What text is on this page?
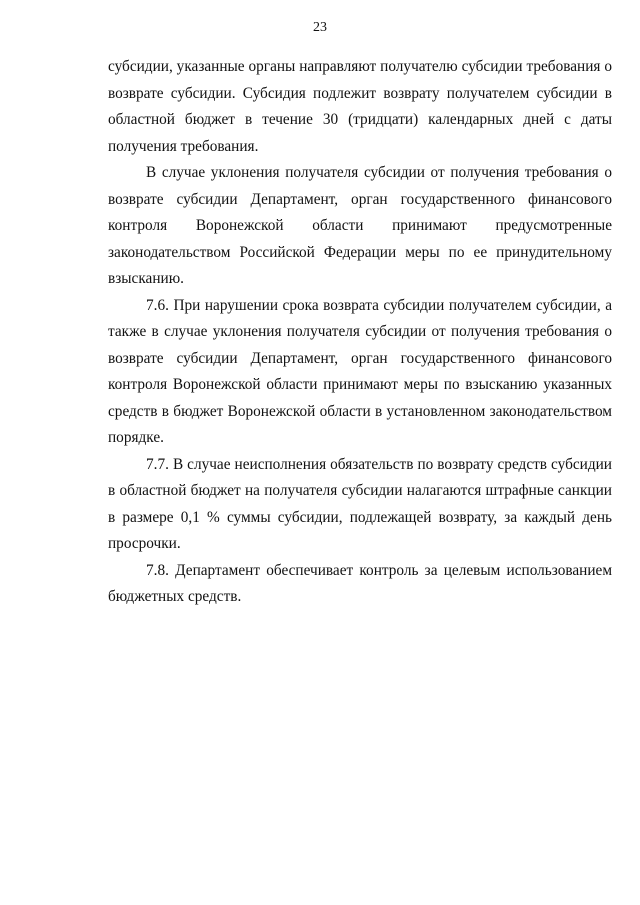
23

субсидии, указанные органы направляют получателю субсидии требования о возврате субсидии. Субсидия подлежит возврату получателем субсидии в областной бюджет в течение 30 (тридцати) календарных дней с даты получения требования.

В случае уклонения получателя субсидии от получения требования о возврате субсидии Департамент, орган государственного финансового контроля Воронежской области принимают предусмотренные законодательством Российской Федерации меры по ее принудительному взысканию.

7.6. При нарушении срока возврата субсидии получателем субсидии, а также в случае уклонения получателя субсидии от получения требования о возврате субсидии Департамент, орган государственного финансового контроля Воронежской области принимают меры по взысканию указанных средств в бюджет Воронежской области в установленном законодательством порядке.

7.7. В случае неисполнения обязательств по возврату средств субсидии в областной бюджет на получателя субсидии налагаются штрафные санкции в размере 0,1 % суммы субсидии, подлежащей возврату, за каждый день просрочки.

7.8. Департамент обеспечивает контроль за целевым использованием бюджетных средств.
